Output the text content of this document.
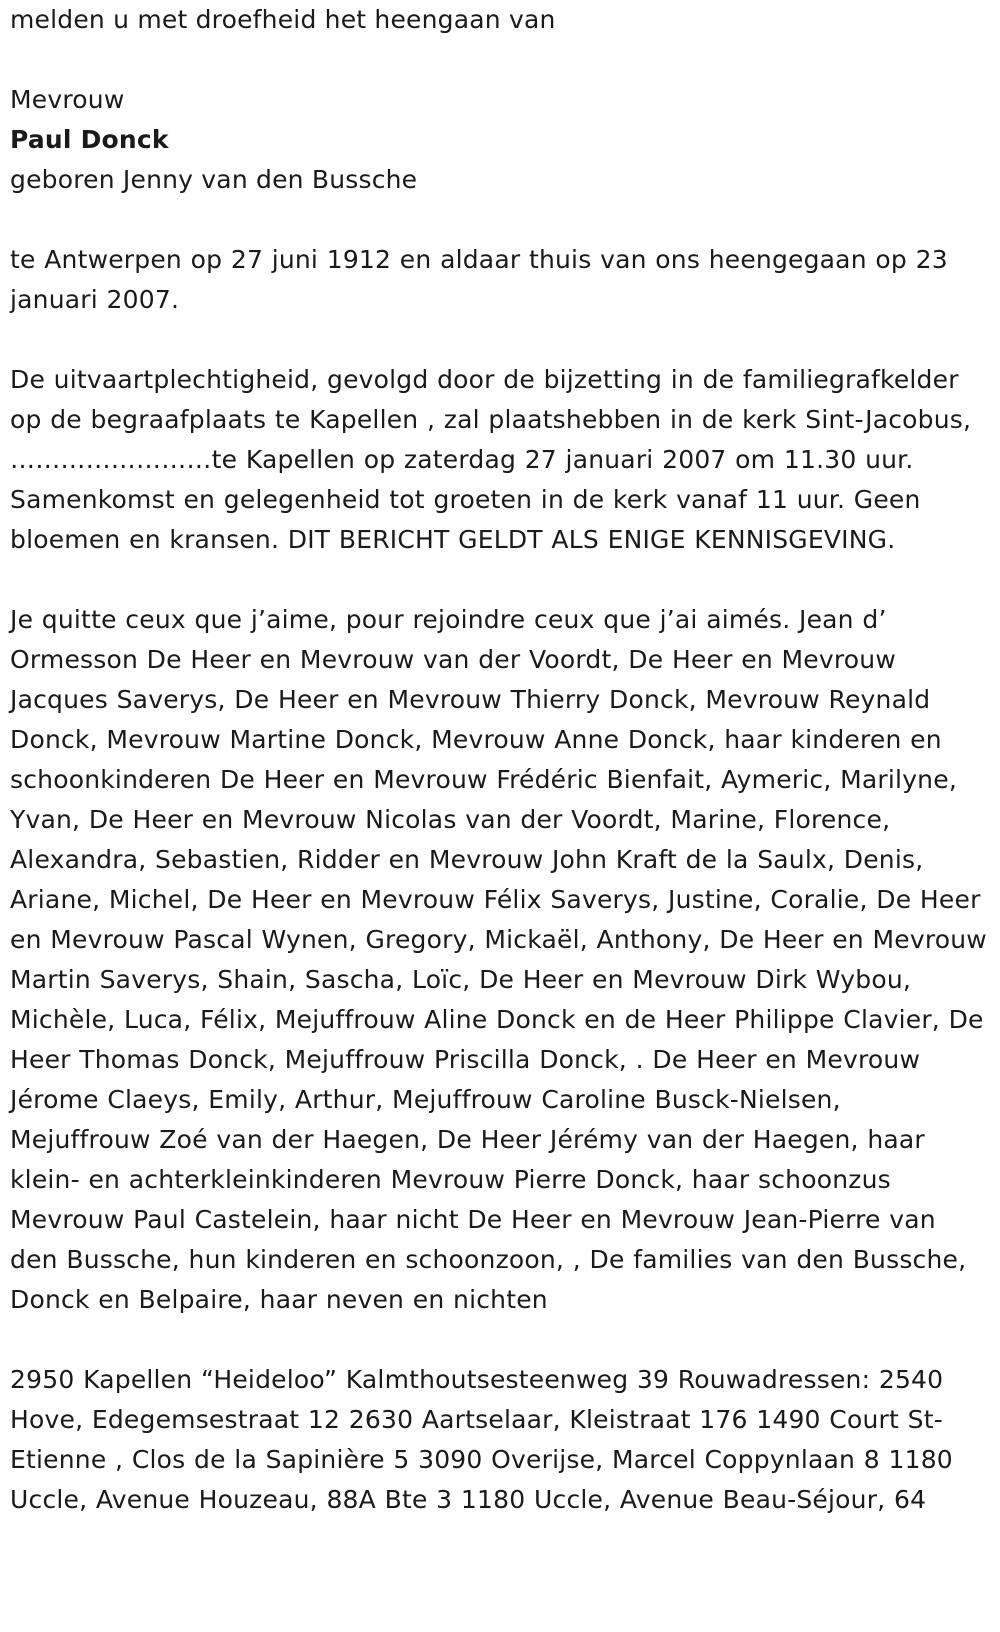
melden u met droefheid het heengaan van

Mevrouw

Paul Donck

geboren Jenny van den Bussche

te Antwerpen op 27 juni 1912 en aldaar thuis van ons heengegaan op 23 januari 2007.

De uitvaartplechtigheid, gevolgd door de bijzetting in de familiegrafkelder op de begraafplaats te Kapellen , zal plaatshebben in de kerk Sint-Jacobus, ……………………te Kapellen op zaterdag 27 januari 2007 om 11.30 uur. Samenkomst en gelegenheid tot groeten in de kerk vanaf 11 uur. Geen bloemen en kransen. DIT BERICHT GELDT ALS ENIGE KENNISGEVING.

Je quitte ceux que j’aime, pour rejoindre ceux que j’ai aimés. Jean d’ Ormesson De Heer en Mevrouw van der Voordt, De Heer en Mevrouw Jacques Saverys, De Heer en Mevrouw Thierry Donck, Mevrouw Reynald Donck, Mevrouw Martine Donck, Mevrouw Anne Donck, haar kinderen en schoonkinderen De Heer en Mevrouw Frédéric Bienfait, Aymeric, Marilyne, Yvan, De Heer en Mevrouw Nicolas van der Voordt, Marine, Florence, Alexandra, Sebastien, Ridder en Mevrouw John Kraft de la Saulx, Denis, Ariane, Michel, De Heer en Mevrouw Félix Saverys, Justine, Coralie, De Heer en Mevrouw Pascal Wynen, Gregory, Mickaël, Anthony, De Heer en Mevrouw Martin Saverys, Shain, Sascha, Loïc, De Heer en Mevrouw Dirk Wybou, Michèle, Luca, Félix, Mejuffrouw Aline Donck en de Heer Philippe Clavier, De Heer Thomas Donck, Mejuffrouw Priscilla Donck, . De Heer en Mevrouw Jérome Claeys, Emily, Arthur, Mejuffrouw Caroline Busck-Nielsen, Mejuffrouw Zoé van der Haegen, De Heer Jérémy van der Haegen, haar klein- en achterkleinkinderen Mevrouw Pierre Donck, haar schoonzus Mevrouw Paul Castelein, haar nicht De Heer en Mevrouw Jean-Pierre van den Bussche, hun kinderen en schoonzoon, , De families van den Bussche, Donck en Belpaire, haar neven en nichten

2950 Kapellen “Heideloo” Kalmthoutsesteenweg 39 Rouwadressen: 2540 Hove, Edegemsestraat 12 2630 Aartselaar, Kleistraat 176 1490 Court St-Etienne , Clos de la Sapinière 5 3090 Overijse, Marcel Coppynlaan 8 1180 Uccle, Avenue Houzeau, 88A Bte 3 1180 Uccle, Avenue Beau-Séjour, 64
